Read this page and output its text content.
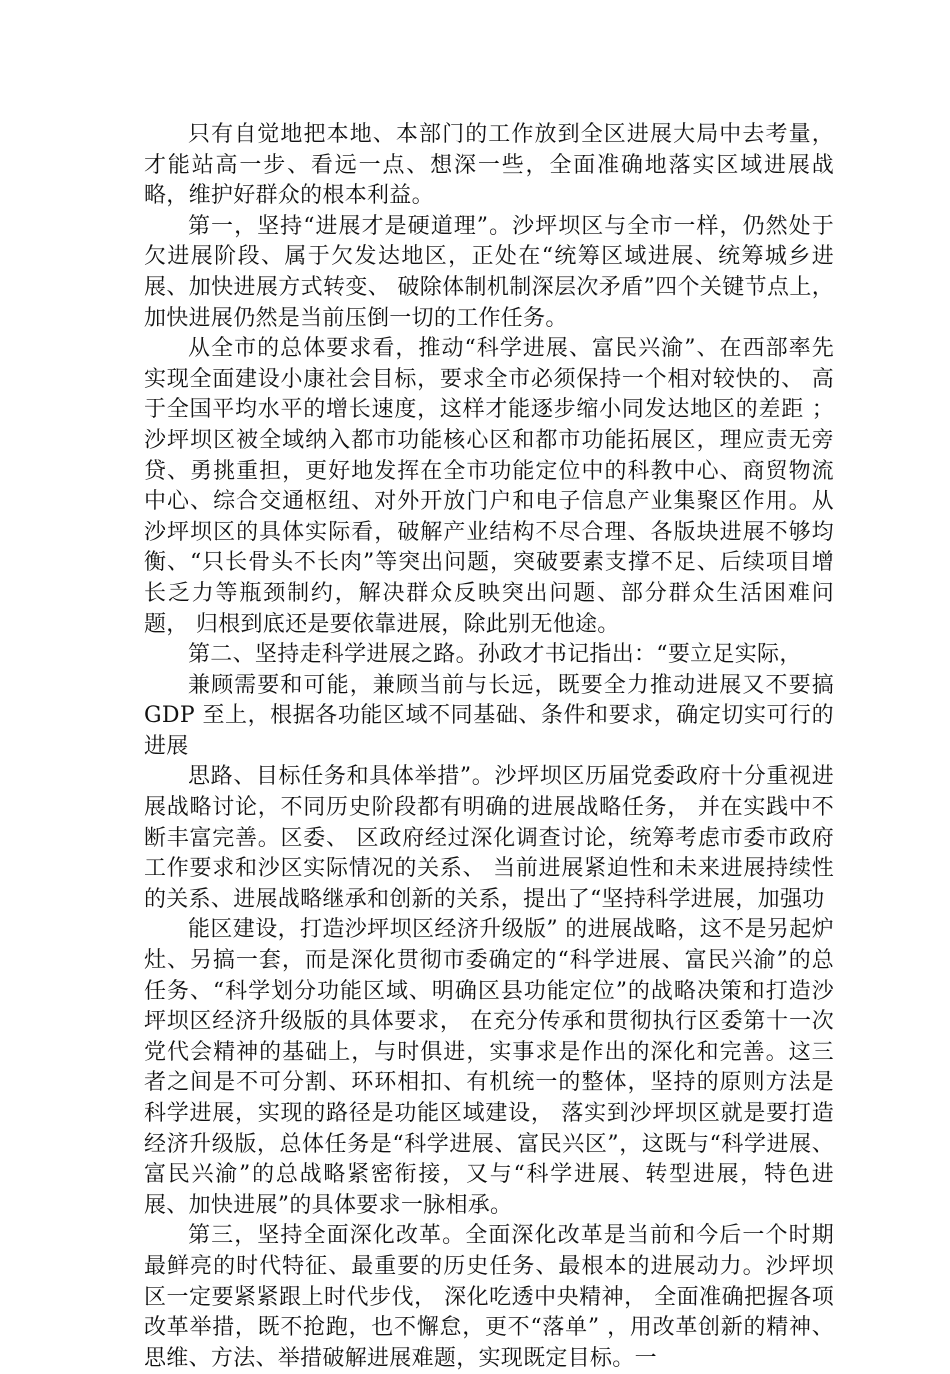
只有自觉地把本地、本部门的工作放到全区进展大局中去考量，才能站高一步、看远一点、想深一些，全面准确地落实区域进展战略，维护好群众的根本利益。

第一，坚持“进展才是硬道理”。沙坪坝区与全市一样，仍然处于欠进展阶段、属于欠发达地区，正处在“统筹区域进展、统筹城乡进展、加快进展方式转变、 破除体制机制深层次矛盾”四个关键节点上，加快进展仍然是当前压倒一切的工作任务。

从全市的总体要求看，推动“科学进展、富民兴渝”、在西部率先实现全面建设小康社会目标，要求全市必须保持一个相对较快的、 高于全国平均水平的增长速度，这样才能逐步缩小同发达地区的差距 ；沙坪坝区被全域纳入都市功能核心区和都市功能拓展区，理应责无旁贷、勇挑重担，更好地发挥在全市功能定位中的科教中心、商贸物流中心、综合交通枢纽、对外开放门户和电子信息产业集聚区作用。从沙坪坝区的具体实际看，破解产业结构不尽合理、各版块进展不够均衡、“只长骨头不长肉”等突出问题，突破要素支撑不足、后续项目增长乏力等瓶颈制约，解决群众反映突出问题、部分群众生活困难问题， 归根到底还是要依靠进展，除此别无他途。

第二、坚持走科学进展之路。孙政才书记指出：“要立足实际，

兼顾需要和可能，兼顾当前与长远，既要全力推动进展又不要搞 GDP 至上，根据各功能区域不同基础、条件和要求，确定切实可行的进展

思路、目标任务和具体举措”。沙坪坝区历届党委政府十分重视进展战略讨论，不同历史阶段都有明确的进展战略任务， 并在实践中不断丰富完善。区委、 区政府经过深化调查讨论，统筹考虑市委市政府工作要求和沙区实际情况的关系、 当前进展紧迫性和未来进展持续性的关系、进展战略继承和创新的关系，提出了“坚持科学进展，加强功

能区建设，打造沙坪坝区经济升级版” 的进展战略，这不是另起炉灶、另搞一套，而是深化贯彻市委确定的“科学进展、富民兴渝”的总任务、“科学划分功能区域、明确区县功能定位”的战略决策和打造沙坪坝区经济升级版的具体要求， 在充分传承和贯彻执行区委第十一次党代会精神的基础上，与时俱进，实事求是作出的深化和完善。这三者之间是不可分割、环环相扣、有机统一的整体，坚持的原则方法是科学进展，实现的路径是功能区域建设， 落实到沙坪坝区就是要打造经济升级版，总体任务是“科学进展、富民兴区”，这既与“科学进展、富民兴渝”的总战略紧密衔接，又与“科学进展、转型进展，特色进展、加快进展”的具体要求一脉相承。

第三，坚持全面深化改革。全面深化改革是当前和今后一个时期最鲜亮的时代特征、最重要的历史任务、最根本的进展动力。沙坪坝区一定要紧紧跟上时代步伐， 深化吃透中央精神， 全面准确把握各项改革举措，既不抢跑，也不懈怠，更不“落单” ，用改革创新的精神、思维、方法、举措破解进展难题，实现既定目标。一
